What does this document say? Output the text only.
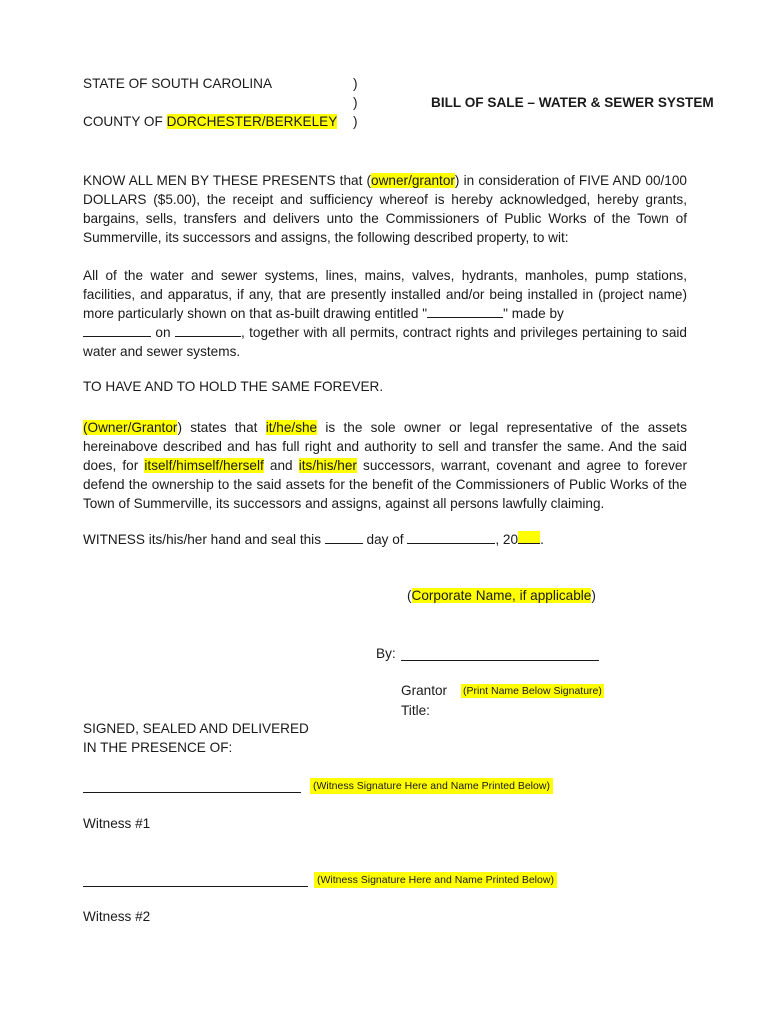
STATE OF SOUTH CAROLINA
COUNTY OF DORCHESTER/BERKELEY
)
)
)
BILL OF SALE – WATER & SEWER SYSTEM
KNOW ALL MEN BY THESE PRESENTS that (owner/grantor) in consideration of FIVE AND 00/100 DOLLARS ($5.00), the receipt and sufficiency whereof is hereby acknowledged, hereby grants, bargains, sells, transfers and delivers unto the Commissioners of Public Works of the Town of Summerville, its successors and assigns, the following described property, to wit:
All of the water and sewer systems, lines, mains, valves, hydrants, manholes, pump stations, facilities, and apparatus, if any, that are presently installed and/or being installed in (project name) more particularly shown on that as-built drawing entitled "	" made by
on	, together with all permits, contract rights and privileges pertaining to said water and sewer systems.
TO HAVE AND TO HOLD THE SAME FOREVER.
(Owner/Grantor) states that it/he/she is the sole owner or legal representative of the assets hereinabove described and has full right and authority to sell and transfer the same. And the said does, for itself/himself/herself and its/his/her successors, warrant, covenant and agree to forever defend the ownership to the said assets for the benefit of the Commissioners of Public Works of the Town of Summerville, its successors and assigns, against all persons lawfully claiming.
WITNESS its/his/her hand and seal this	day of	, 20 .
(Corporate Name, if applicable)
By:
Grantor (Print Name Below Signature)
Title:
SIGNED, SEALED AND DELIVERED
IN THE PRESENCE OF:
(Witness Signature Here and Name Printed Below)
Witness #1
(Witness Signature Here and Name Printed Below)
Witness #2
